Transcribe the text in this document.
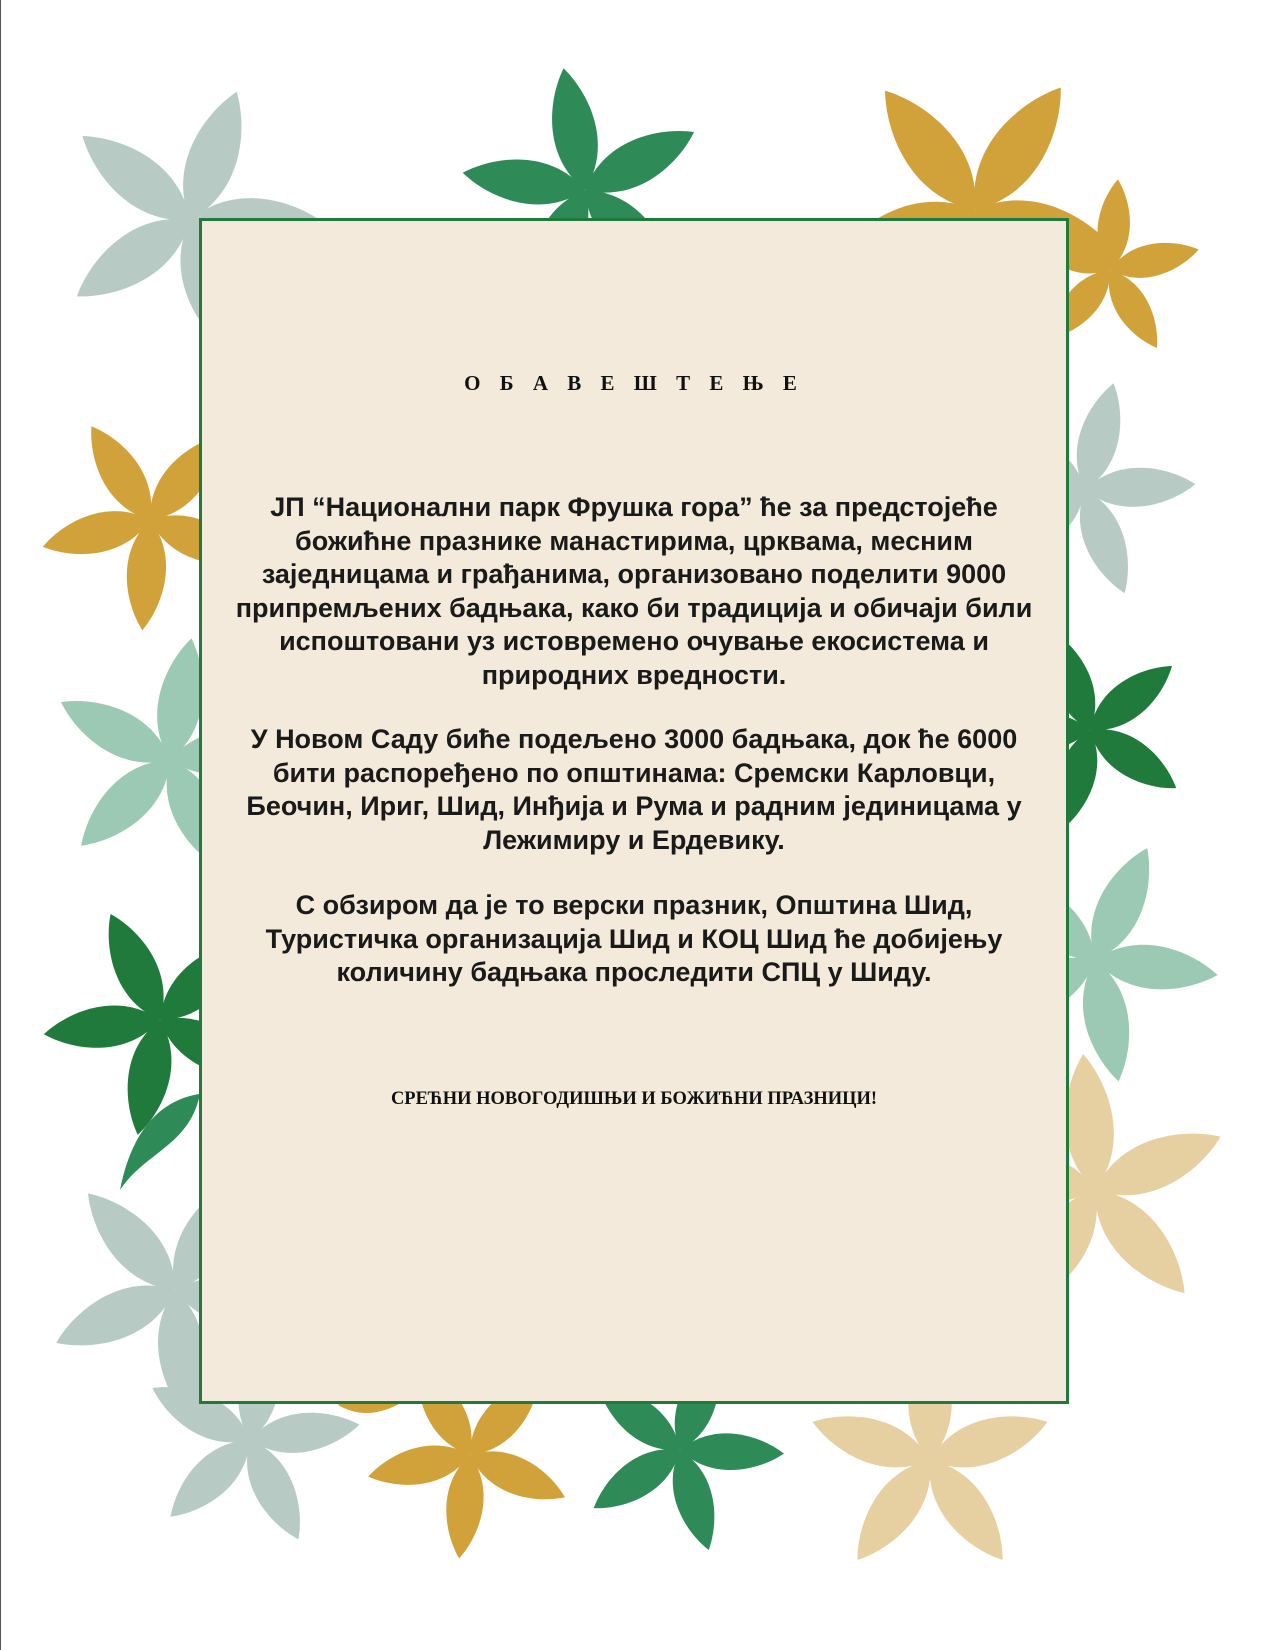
О Б А В Е Ш Т Е Њ Е
ЈП “Национални парк Фрушка гора” ће за предстојеће
божићне празнике манастирима, црквама, месним
заједницама и грађанима, организовано поделити 9000
припремљених бадњака, како би традиција и обичаји били
испоштовани уз истовремено очување екосистема и
природних вредности.
У Новом Саду биће подељено 3000 бадњака, док ће 6000
бити распоређено по општинама: Сремски Карловци,
Беочин, Ириг, Шид, Инђија и Рума и радним јединицама у
Лежимиру и Ердевику.
С обзиром да је то верски празник, Општина Шид,
Туристичка организација Шид и КОЦ Шид ће добијењу
количину бадњака проследити СПЦ у Шиду.
СРЕЋНИ НОВОГОДИШЊИ И БОЖИЋНИ ПРАЗНИЦИ!
